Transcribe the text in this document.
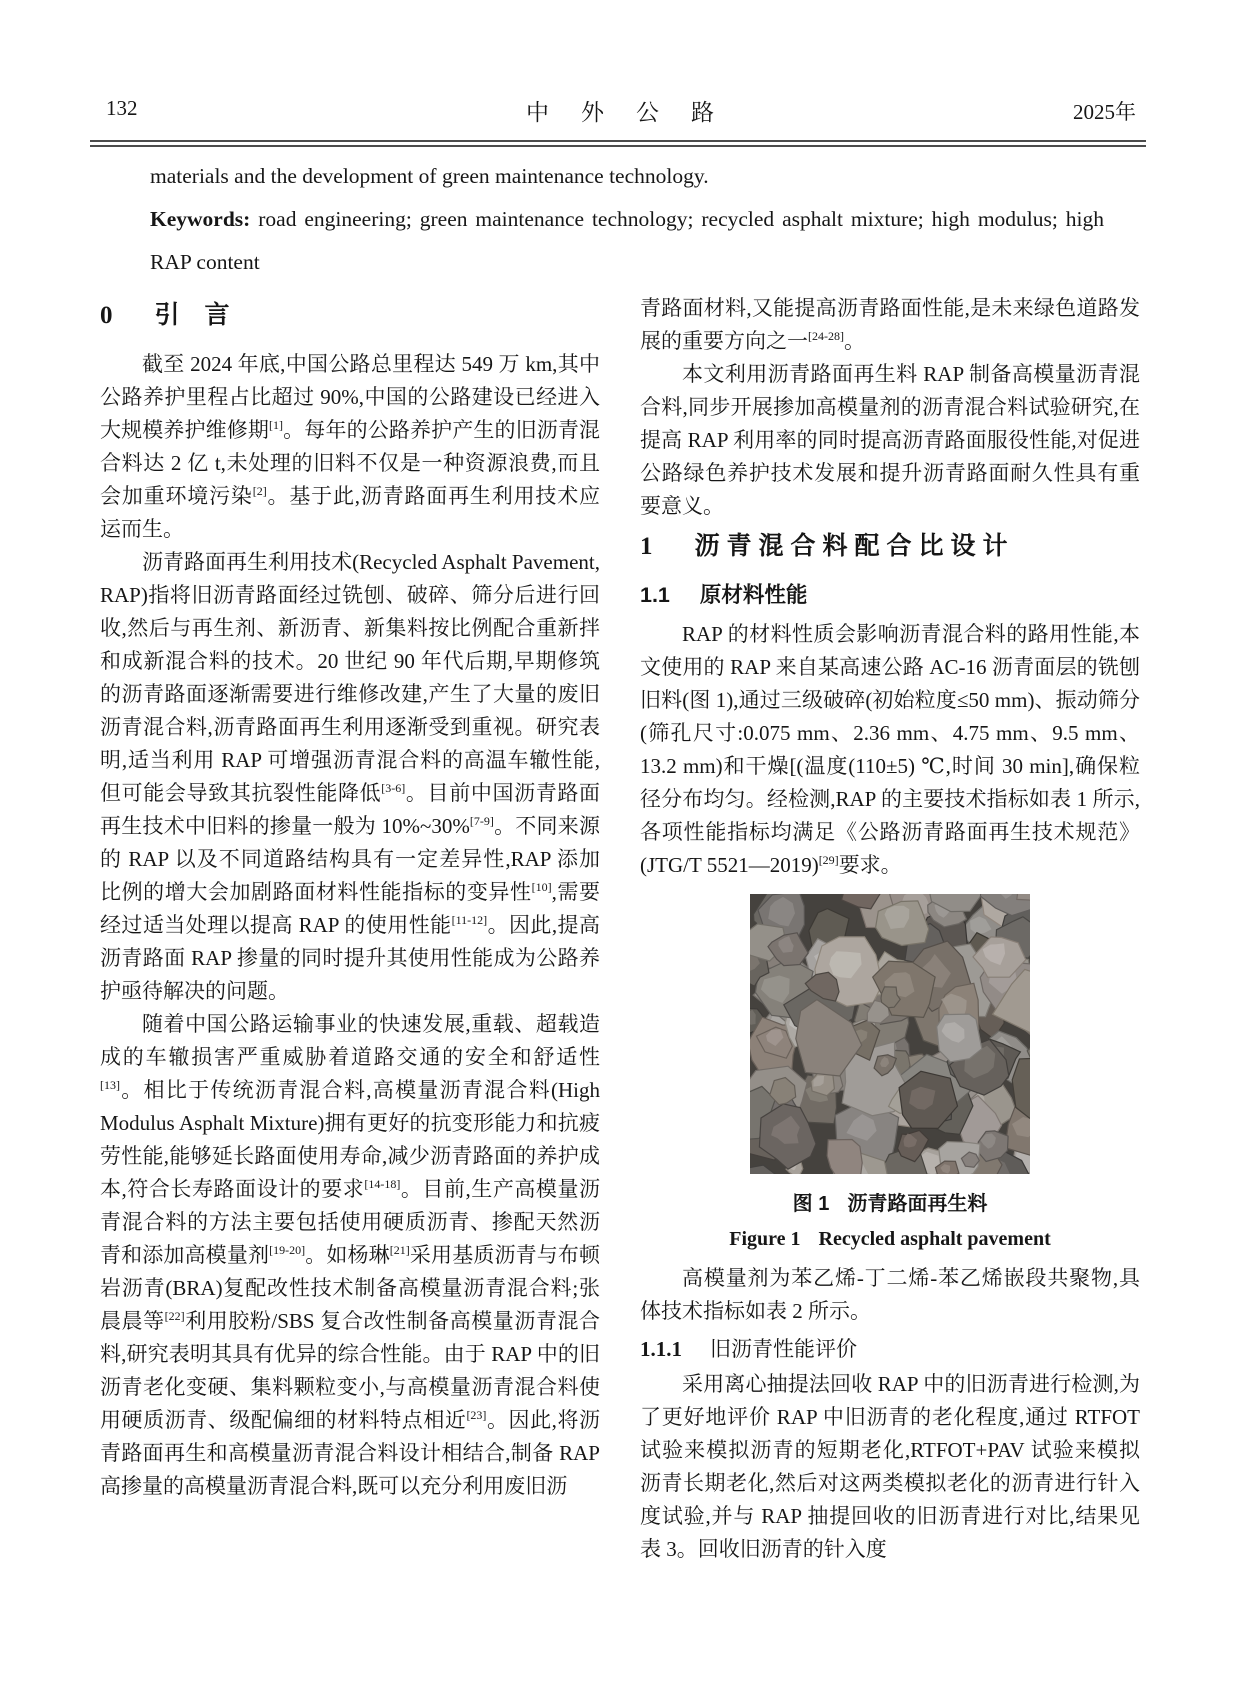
132	中外公路	2025年

materials and the development of green maintenance technology.

Keywords: road engineering; green maintenance technology; recycled asphalt mixture; high modulus; high RAP content

0 引　言

截至 2024 年底,中国公路总里程达 549 万 km,其中公路养护里程占比超过 90%,中国的公路建设已经进入大规模养护维修期[1]。每年的公路养护产生的旧沥青混合料达 2 亿 t,未处理的旧料不仅是一种资源浪费,而且会加重环境污染[2]。基于此,沥青路面再生利用技术应运而生。

沥青路面再生利用技术(Recycled Asphalt Pavement, RAP)指将旧沥青路面经过铣刨、破碎、筛分后进行回收,然后与再生剂、新沥青、新集料按比例配合重新拌和成新混合料的技术。20 世纪 90 年代后期,早期修筑的沥青路面逐渐需要进行维修改建,产生了大量的废旧沥青混合料,沥青路面再生利用逐渐受到重视。研究表明,适当利用 RAP 可增强沥青混合料的高温车辙性能,但可能会导致其抗裂性能降低[3-6]。目前中国沥青路面再生技术中旧料的掺量一般为 10%~30%[7-9]。不同来源的 RAP 以及不同道路结构具有一定差异性,RAP 添加比例的增大会加剧路面材料性能指标的变异性[10],需要经过适当处理以提高 RAP 的使用性能[11-12]。因此,提高沥青路面 RAP 掺量的同时提升其使用性能成为公路养护亟待解决的问题。

随着中国公路运输事业的快速发展,重载、超载造成的车辙损害严重威胁着道路交通的安全和舒适性[13]。相比于传统沥青混合料,高模量沥青混合料(High Modulus Asphalt Mixture)拥有更好的抗变形能力和抗疲劳性能,能够延长路面使用寿命,减少沥青路面的养护成本,符合长寿路面设计的要求[14-18]。目前,生产高模量沥青混合料的方法主要包括使用硬质沥青、掺配天然沥青和添加高模量剂[19-20]。如杨琳[21]采用基质沥青与布顿岩沥青(BRA)复配改性技术制备高模量沥青混合料;张晨晨等[22]利用胶粉/SBS 复合改性制备高模量沥青混合料,研究表明其具有优异的综合性能。由于 RAP 中的旧沥青老化变硬、集料颗粒变小,与高模量沥青混合料使用硬质沥青、级配偏细的材料特点相近[23]。因此,将沥青路面再生和高模量沥青混合料设计相结合,制备 RAP 高掺量的高模量沥青混合料,既可以充分利用废旧沥

青路面材料,又能提高沥青路面性能,是未来绿色道路发展的重要方向之一[24-28]。

本文利用沥青路面再生料 RAP 制备高模量沥青混合料,同步开展掺加高模量剂的沥青混合料试验研究,在提高 RAP 利用率的同时提高沥青路面服役性能,对促进公路绿色养护技术发展和提升沥青路面耐久性具有重要意义。

1 沥青混合料配合比设计
1.1 原材料性能

RAP 的材料性质会影响沥青混合料的路用性能,本文使用的 RAP 来自某高速公路 AC-16 沥青面层的铣刨旧料(图 1),通过三级破碎(初始粒度≤50 mm)、振动筛分(筛孔尺寸:0.075 mm、2.36 mm、4.75 mm、9.5 mm、13.2 mm)和干燥[(温度(110±5) ℃,时间 30 min],确保粒径分布均匀。经检测,RAP 的主要技术指标如表 1 所示,各项性能指标均满足《公路沥青路面再生技术规范》(JTG/T 5521—2019)[29]要求。

图 1 沥青路面再生料
Figure 1 Recycled asphalt pavement

高模量剂为苯乙烯-丁二烯-苯乙烯嵌段共聚物,具体技术指标如表 2 所示。

1.1.1 旧沥青性能评价

采用离心抽提法回收 RAP 中的旧沥青进行检测,为了更好地评价 RAP 中旧沥青的老化程度,通过 RTFOT 试验来模拟沥青的短期老化,RTFOT+PAV 试验来模拟沥青长期老化,然后对这两类模拟老化的沥青进行针入度试验,并与 RAP 抽提回收的旧沥青进行对比,结果见表 3。回收旧沥青的针入度
